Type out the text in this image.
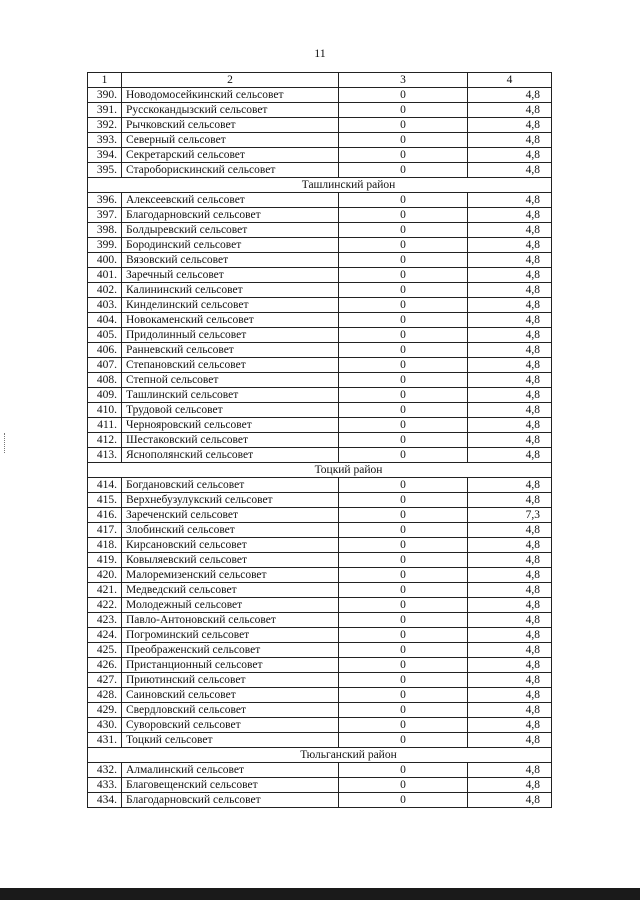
11
1	2	3	4
390.	Новодомосейкинский сельсовет	0	4,8
391.	Русскокандызский сельсовет	0	4,8
392.	Рычковский сельсовет	0	4,8
393.	Северный сельсовет	0	4,8
394.	Секретарский сельсовет	0	4,8
395.	Староборискинский сельсовет	0	4,8
Ташлинский район			
396.	Алексеевский сельсовет	0	4,8
397.	Благодарновский сельсовет	0	4,8
398.	Болдыревский сельсовет	0	4,8
399.	Бородинский сельсовет	0	4,8
400.	Вязовский сельсовет	0	4,8
401.	Заречный сельсовет	0	4,8
402.	Калининский сельсовет	0	4,8
403.	Кинделинский сельсовет	0	4,8
404.	Новокаменский сельсовет	0	4,8
405.	Придолинный сельсовет	0	4,8
406.	Ранневский сельсовет	0	4,8
407.	Степановский сельсовет	0	4,8
408.	Степной сельсовет	0	4,8
409.	Ташлинский сельсовет	0	4,8
410.	Трудовой сельсовет	0	4,8
411.	Чернояровский сельсовет	0	4,8
412.	Шестаковский сельсовет	0	4,8
413.	Яснополянский сельсовет	0	4,8
Тоцкий район			
414.	Богдановский сельсовет	0	4,8
415.	Верхнебузулукский сельсовет	0	4,8
416.	Зареченский сельсовет	0	7,3
417.	Злобинский сельсовет	0	4,8
418.	Кирсановский сельсовет	0	4,8
419.	Ковыляевский сельсовет	0	4,8
420.	Малоремизенский сельсовет	0	4,8
421.	Медведский сельсовет	0	4,8
422.	Молодежный сельсовет	0	4,8
423.	Павло-Антоновский сельсовет	0	4,8
424.	Погроминский сельсовет	0	4,8
425.	Преображенский сельсовет	0	4,8
426.	Пристанционный сельсовет	0	4,8
427.	Приютинский сельсовет	0	4,8
428.	Саиновский сельсовет	0	4,8
429.	Свердловский сельсовет	0	4,8
430.	Суворовский сельсовет	0	4,8
431.	Тоцкий сельсовет	0	4,8
Тюльганский район			
432.	Алмалинский сельсовет	0	4,8
433.	Благовещенский сельсовет	0	4,8
434.	Благодарновский сельсовет	0	4,8
